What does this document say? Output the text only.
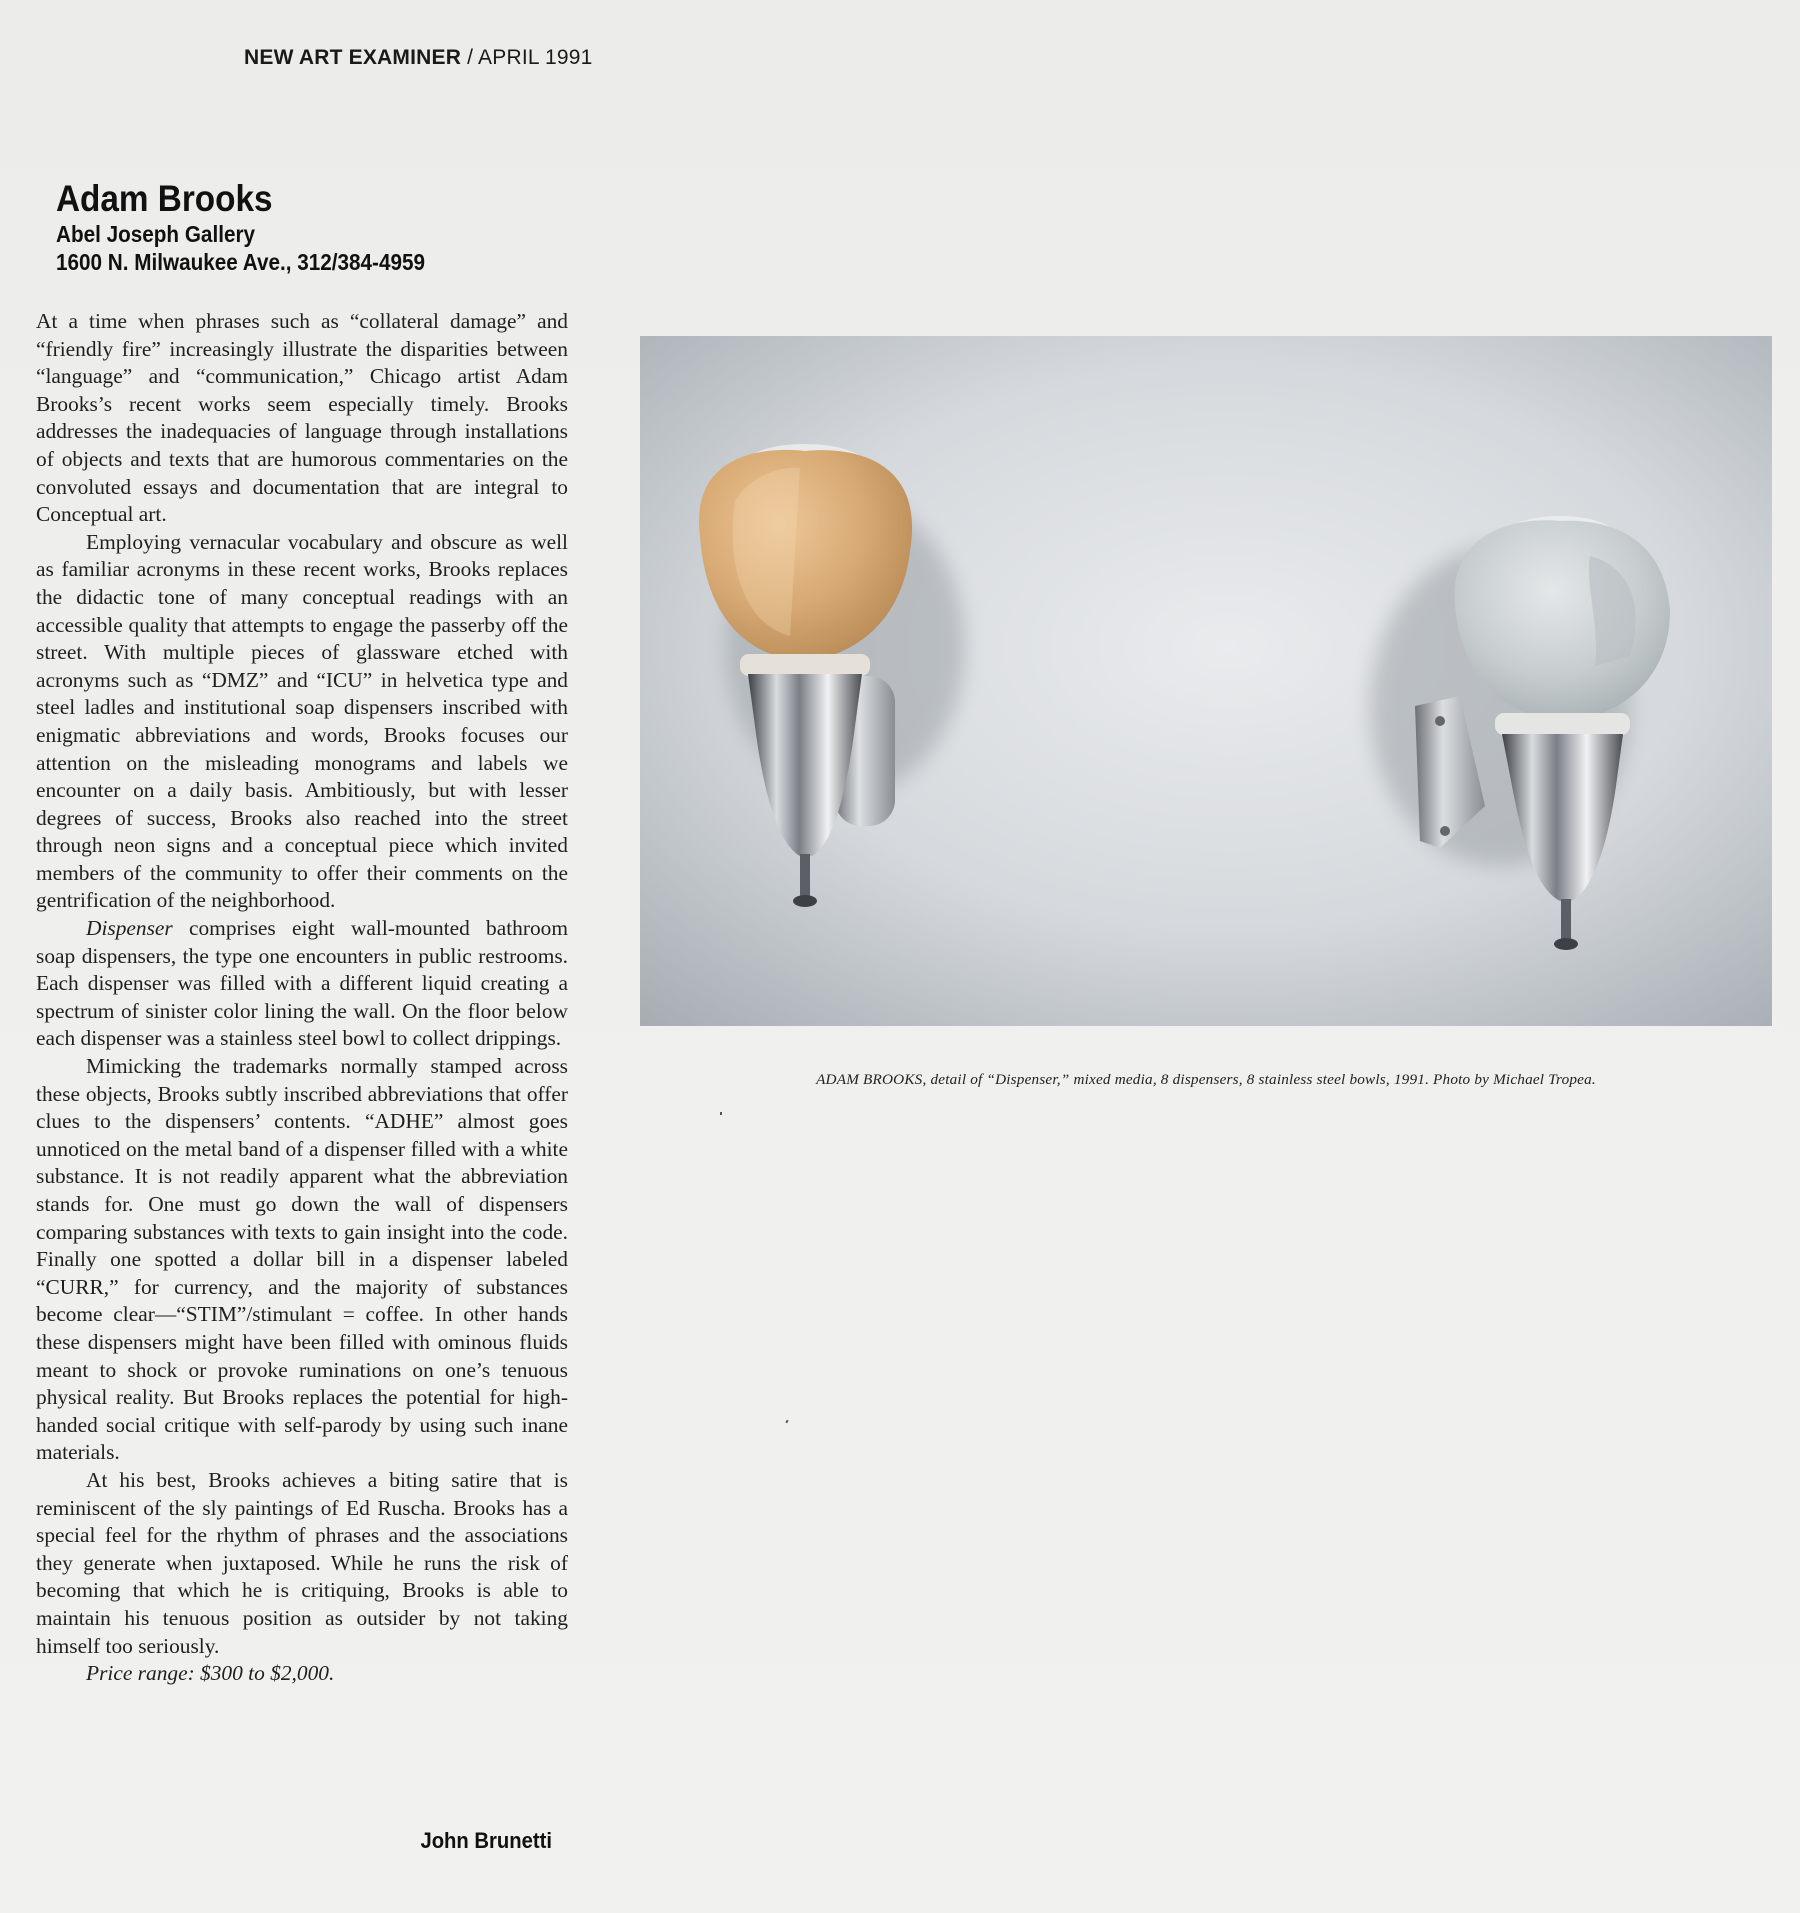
NEW ART EXAMINER / APRIL 1991
Adam Brooks
Abel Joseph Gallery
1600 N. Milwaukee Ave., 312/384-4959

At a time when phrases such as “collateral damage” and “friendly fire” increasingly illustrate the disparities between “language” and “communication,” Chicago artist Adam Brooks’s recent works seem especially timely. Brooks addresses the inadequacies of language through installations of objects and texts that are humorous commentaries on the convoluted essays and documentation that are integral to Conceptual art.

Employing vernacular vocabulary and obscure as well as familiar acronyms in these recent works, Brooks replaces the didactic tone of many conceptual readings with an accessible quality that attempts to engage the passerby off the street. With multiple pieces of glassware etched with acronyms such as “DMZ” and “ICU” in helvetica type and steel ladles and institutional soap dispensers inscribed with enigmatic abbreviations and words, Brooks focuses our attention on the misleading monograms and labels we encounter on a daily basis. Ambitiously, but with lesser degrees of success, Brooks also reached into the street through neon signs and a conceptual piece which invited members of the community to offer their comments on the gentrification of the neighborhood.

Dispenser comprises eight wall-mounted bathroom soap dispensers, the type one encounters in public restrooms. Each dispenser was filled with a different liquid creating a spectrum of sinister color lining the wall. On the floor below each dispenser was a stainless steel bowl to collect drippings.

Mimicking the trademarks normally stamped across these objects, Brooks subtly inscribed abbreviations that offer clues to the dispensers’ contents. “ADHE” almost goes unnoticed on the metal band of a dispenser filled with a white substance. It is not readily apparent what the abbreviation stands for. One must go down the wall of dispensers comparing substances with texts to gain insight into the code. Finally one spotted a dollar bill in a dispenser labeled “CURR,” for currency, and the majority of substances become clear—“STIM”/stimulant = coffee. In other hands these dispensers might have been filled with ominous fluids meant to shock or provoke ruminations on one’s tenuous physical reality. But Brooks replaces the potential for high-handed social critique with self-parody by using such inane materials.

At his best, Brooks achieves a biting satire that is reminiscent of the sly paintings of Ed Ruscha. Brooks has a special feel for the rhythm of phrases and the associations they generate when juxtaposed. While he runs the risk of becoming that which he is critiquing, Brooks is able to maintain his tenuous position as outsider by not taking himself too seriously.

Price range: $300 to $2,000.

John Brunetti
ADAM BROOKS, detail of “Dispenser,” mixed media, 8 dispensers, 8 stainless steel bowls, 1991. Photo by Michael Tropea.
